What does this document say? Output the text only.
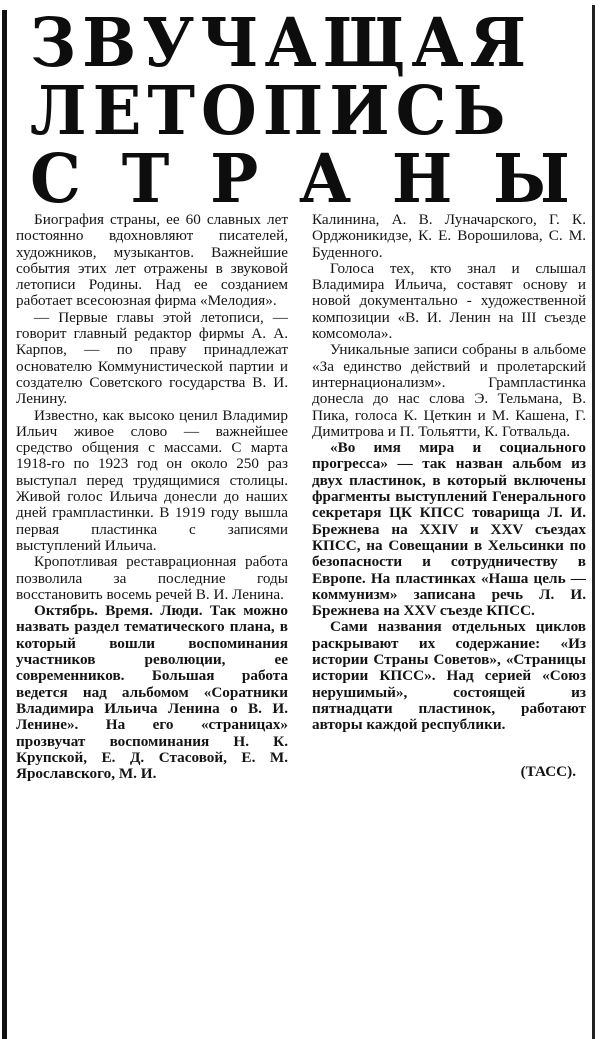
ЗВУЧАЩАЯ
ЛЕТОПИСЬ
С Т Р А Н Ы

Биография страны, ее 60 славных лет постоянно вдохновляют писателей, художников, музыкантов. Важнейшие события этих лет отражены в звуковой летописи Родины. Над ее созданием работает всесоюзная фирма «Мелодия».

— Первые главы этой летописи, — говорит главный редактор фирмы А. А. Карпов, — по праву принадлежат основателю Коммунистической партии и создателю Советского государства В. И. Ленину.

Известно, как высоко ценил Владимир Ильич живое слово — важнейшее средство общения с массами. С марта 1918-го по 1923 год он около 250 раз выступал перед трудящимися столицы. Живой голос Ильича донесли до наших дней грампластинки. В 1919 году вышла первая пластинка с записями выступлений Ильича.

Кропотливая реставрационная работа позволила за последние годы восстановить восемь речей В. И. Ленина.

Октябрь. Время. Люди. Так можно назвать раздел тематического плана, в который вошли воспоминания участников революции, ее современников. Большая работа ведется над альбомом «Соратники Владимира Ильича Ленина о В. И. Ленине». На его «страницах» прозвучат воспоминания Н. К. Крупской, Е. Д. Стасовой, Е. М. Ярославского, М. И.

Калинина, А. В. Луначарского, Г. К. Орджоникидзе, К. Е. Ворошилова, С. М. Буденного.

Голоса тех, кто знал и слышал Владимира Ильича, составят основу и новой документально - художественной композиции «В. И. Ленин на III съезде комсомола».

Уникальные записи собраны в альбоме «За единство действий и пролетарский интернационализм». Грампластинка донесла до нас слова Э. Тельмана, В. Пика, голоса К. Цеткин и М. Кашена, Г. Димитрова и П. Тольятти, К. Готвальда.

«Во имя мира и социального прогресса» — так назван альбом из двух пластинок, в который включены фрагменты выступлений Генерального секретаря ЦК КПСС товарища Л. И. Брежнева на XXIV и XXV съездах КПСС, на Совещании в Хельсинки по безопасности и сотрудничеству в Европе. На пластинках «Наша цель — коммунизм» записана речь Л. И. Брежнева на XXV съезде КПСС.

Сами названия отдельных циклов раскрывают их содержание: «Из истории Страны Советов», «Страницы истории КПСС». Над серией «Союз нерушимый», состоящей из пятнадцати пластинок, работают авторы каждой республики.

(ТАСС).
